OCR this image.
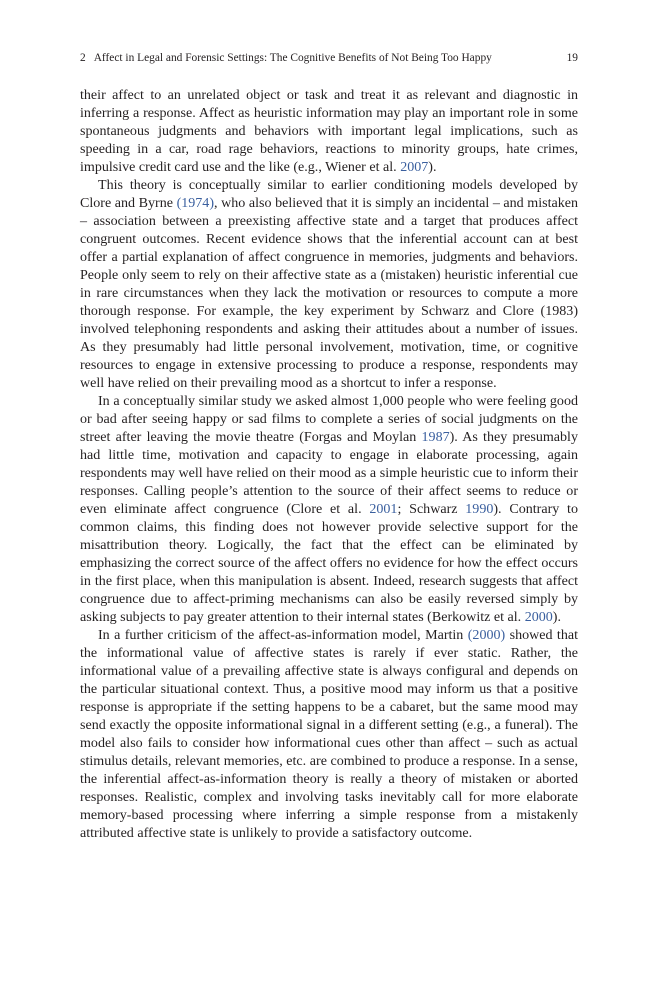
2 Affect in Legal and Forensic Settings: The Cognitive Benefits of Not Being Too Happy	19

their affect to an unrelated object or task and treat it as relevant and diagnostic in inferring a response. Affect as heuristic information may play an important role in some spontaneous judgments and behaviors with important legal implications, such as speeding in a car, road rage behaviors, reactions to minority groups, hate crimes, impulsive credit card use and the like (e.g., Wiener et al. 2007).

This theory is conceptually similar to earlier conditioning models developed by Clore and Byrne (1974), who also believed that it is simply an incidental – and mistaken – association between a preexisting affective state and a target that produces affect congruent outcomes. Recent evidence shows that the inferential account can at best offer a partial explanation of affect congruence in memories, judgments and behaviors. People only seem to rely on their affective state as a (mistaken) heuristic inferential cue in rare circumstances when they lack the motivation or resources to compute a more thorough response. For example, the key experiment by Schwarz and Clore (1983) involved telephoning respondents and asking their attitudes about a number of issues. As they presumably had little personal involvement, motivation, time, or cognitive resources to engage in extensive processing to produce a response, respondents may well have relied on their prevailing mood as a shortcut to infer a response.

In a conceptually similar study we asked almost 1,000 people who were feeling good or bad after seeing happy or sad films to complete a series of social judgments on the street after leaving the movie theatre (Forgas and Moylan 1987). As they presumably had little time, motivation and capacity to engage in elaborate processing, again respondents may well have relied on their mood as a simple heuristic cue to inform their responses. Calling people’s attention to the source of their affect seems to reduce or even eliminate affect congruence (Clore et al. 2001; Schwarz 1990). Contrary to common claims, this finding does not however provide selective support for the misattribution theory. Logically, the fact that the effect can be eliminated by emphasizing the correct source of the affect offers no evidence for how the effect occurs in the first place, when this manipulation is absent. Indeed, research suggests that affect congruence due to affect-priming mechanisms can also be easily reversed simply by asking subjects to pay greater attention to their internal states (Berkowitz et al. 2000).

In a further criticism of the affect-as-information model, Martin (2000) showed that the informational value of affective states is rarely if ever static. Rather, the informational value of a prevailing affective state is always configural and depends on the particular situational context. Thus, a positive mood may inform us that a positive response is appropriate if the setting happens to be a cabaret, but the same mood may send exactly the opposite informational signal in a different setting (e.g., a funeral). The model also fails to consider how informational cues other than affect – such as actual stimulus details, relevant memories, etc. are combined to produce a response. In a sense, the inferential affect-as-information theory is really a theory of mistaken or aborted responses. Realistic, complex and involving tasks inevitably call for more elaborate memory-based processing where inferring a simple response from a mistakenly attributed affective state is unlikely to provide a satisfactory outcome.
